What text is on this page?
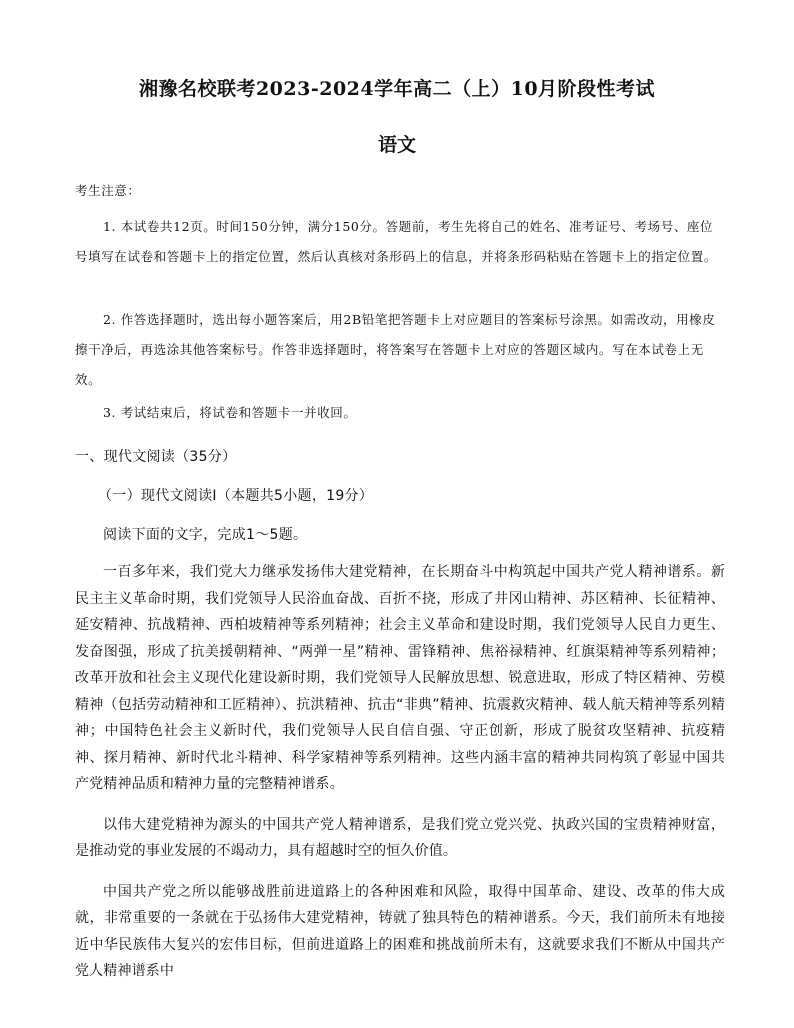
湘豫名校联考2023-2024学年高二（上）10月阶段性考试
语文
考生注意：

1. 本试卷共12页。时间150分钟，满分150分。答题前，考生先将自己的姓名、准考证号、考场号、座位号填写在试卷和答题卡上的指定位置，然后认真核对条形码上的信息，并将条形码粘贴在答题卡上的指定位置。

2. 作答选择题时，选出每小题答案后，用2B铅笔把答题卡上对应题目的答案标号涂黑。如需改动，用橡皮擦干净后，再选涂其他答案标号。作答非选择题时，将答案写在答题卡上对应的答题区域内。写在本试卷上无效。

3. 考试结束后，将试卷和答题卡一并收回。

一、现代文阅读（35分）
（一）现代文阅读I（本题共5小题，19分）
阅读下面的文字，完成1～5题。

一百多年来，我们党大力继承发扬伟大建党精神，在长期奋斗中构筑起中国共产党人精神谱系。新民主主义革命时期，我们党领导人民浴血奋战、百折不挠，形成了井冈山精神、苏区精神、长征精神、延安精神、抗战精神、西柏坡精神等系列精神；社会主义革命和建设时期，我们党领导人民自力更生、发奋图强，形成了抗美援朝精神、“两弹一星”精神、雷锋精神、焦裕禄精神、红旗渠精神等系列精神；改革开放和社会主义现代化建设新时期，我们党领导人民解放思想、锐意进取，形成了特区精神、劳模精神（包括劳动精神和工匠精神）、抗洪精神、抗击“非典”精神、抗震救灾精神、载人航天精神等系列精神；中国特色社会主义新时代，我们党领导人民自信自强、守正创新，形成了脱贫攻坚精神、抗疫精神、探月精神、新时代北斗精神、科学家精神等系列精神。这些内涵丰富的精神共同构筑了彰显中国共产党精神品质和精神力量的完整精神谱系。

以伟大建党精神为源头的中国共产党人精神谱系，是我们党立党兴党、执政兴国的宝贵精神财富，是推动党的事业发展的不竭动力，具有超越时空的恒久价值。

中国共产党之所以能够战胜前进道路上的各种困难和风险，取得中国革命、建设、改革的伟大成就，非常重要的一条就在于弘扬伟大建党精神，铸就了独具特色的精神谱系。今天，我们前所未有地接近中华民族伟大复兴的宏伟目标，但前进道路上的困难和挑战前所未有，这就要求我们不断从中国共产党人精神谱系中
